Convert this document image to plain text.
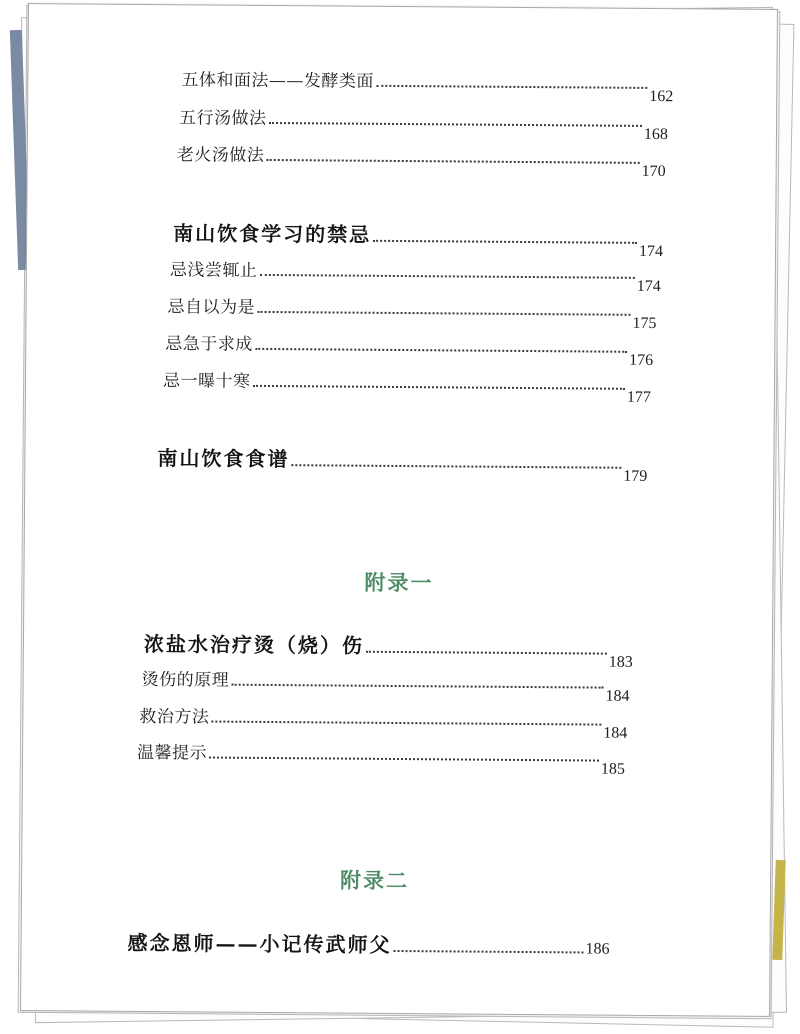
五体和面法——发酵类面
162
五行汤做法
168
老火汤做法
170
南山饮食学习的禁忌
174
忌浅尝辄止
174
忌自以为是
175
忌急于求成
176
忌一曝十寒
177
南山饮食食谱
179
附录一
浓盐水治疗烫（烧）伤
183
烫伤的原理
184
救治方法
184
温馨提示
185
附录二
感念恩师——小记传武师父	186
